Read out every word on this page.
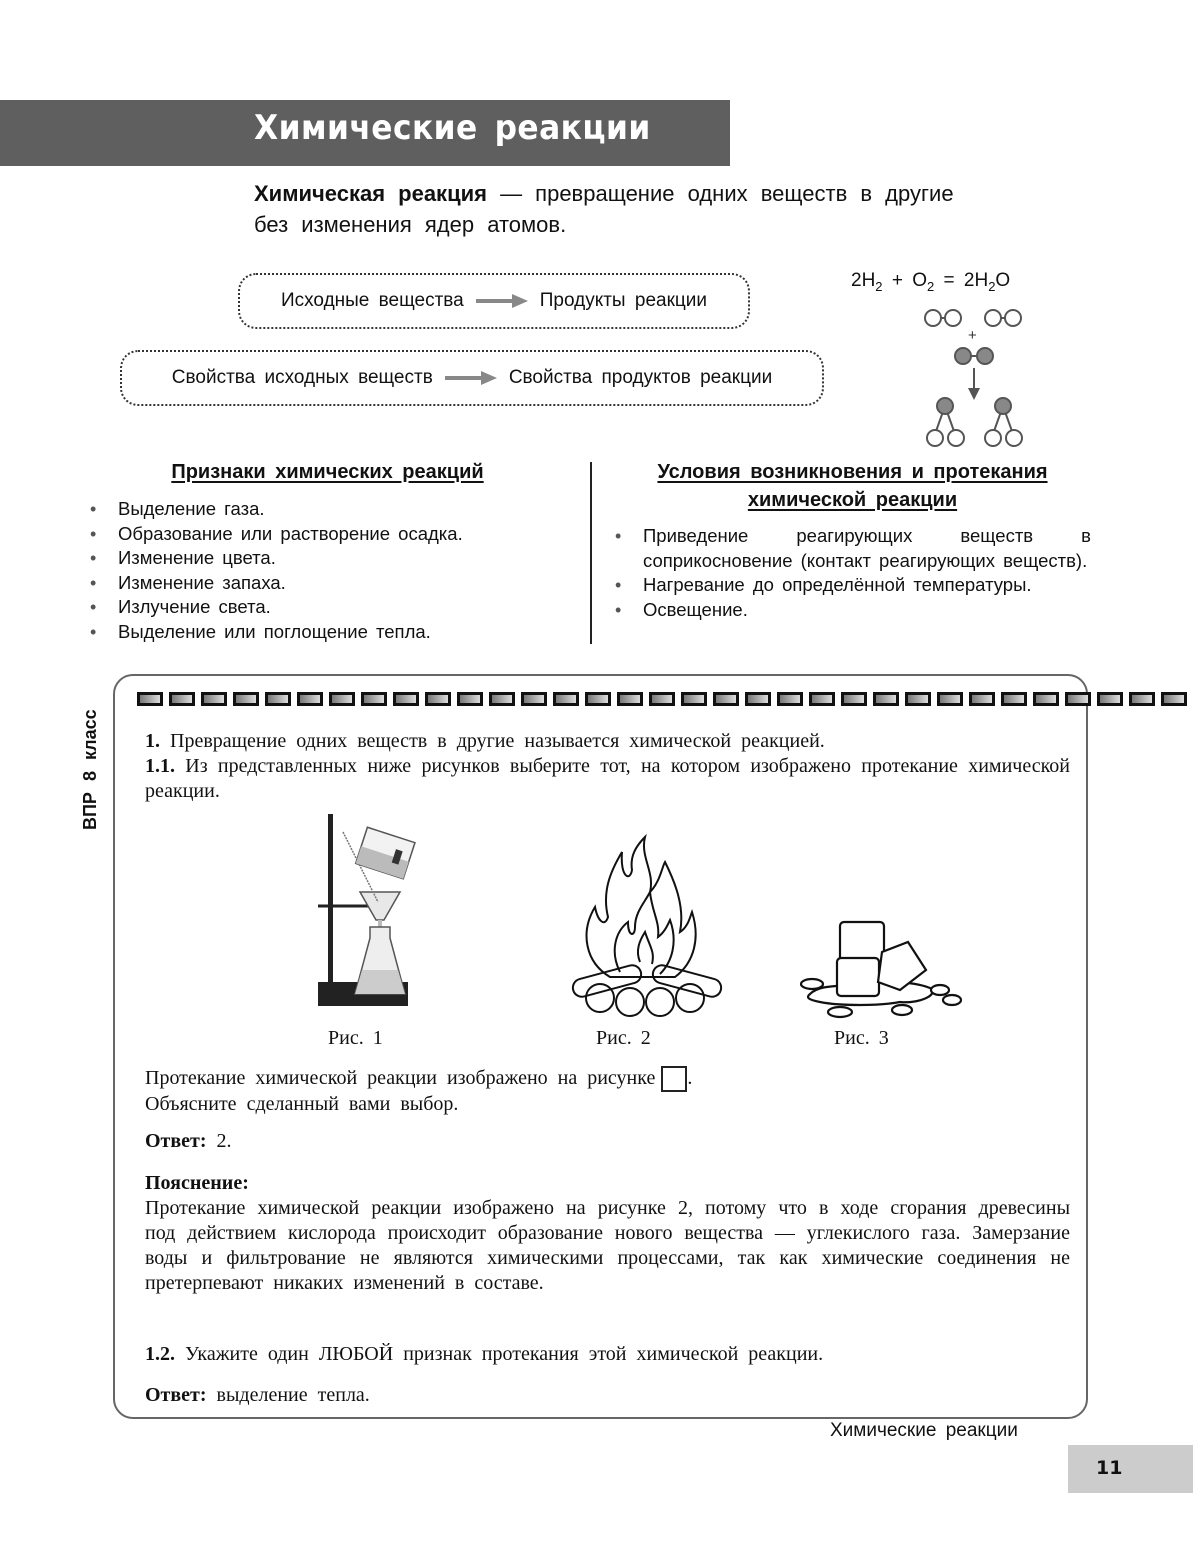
Химические реакции
Химическая реакция — превращение одних веществ в другие без изменения ядер атомов.
Исходные вещества	Продукты реакции
Свойства исходных веществ	Свойства продуктов реакции
$2H_2 + O_2 = 2H_2O$
+
Признаки химических реакций
• Выделение газа.
• Образование или растворение осадка.
• Изменение цвета.
• Изменение запаха.
• Излучение света.
• Выделение или поглощение тепла.
Условия возникновения и протекания химической реакции
• Приведение реагирующих веществ в соприкосновение (контакт реагирующих веществ).
• Нагревание до определённой температуры.
• Освещение.
ВПР 8 класс 1. Превращение одних веществ в другие называется химической реакцией.
1.1. Из представленных ниже рисунков выберите тот, на котором изображено протекание химической реакции.
Рис. 1	Рис. 2	Рис. 3
Протекание химической реакции изображено на рисунке .
Объясните сделанный вами выбор.
Ответ: 2.
Пояснение:
Протекание химической реакции изображено на рисунке 2, потому что в ходе сгорания древесины под действием кислорода происходит образование нового вещества — углекислого газа. Замерзание воды и фильтрование не являются химическими процессами, так как химические соединения не претерпевают никаких изменений в составе.
1.2. Укажите один ЛЮБОЙ признак протекания этой химической реакции.
Ответ: выделение тепла.
Химические реакции
11
